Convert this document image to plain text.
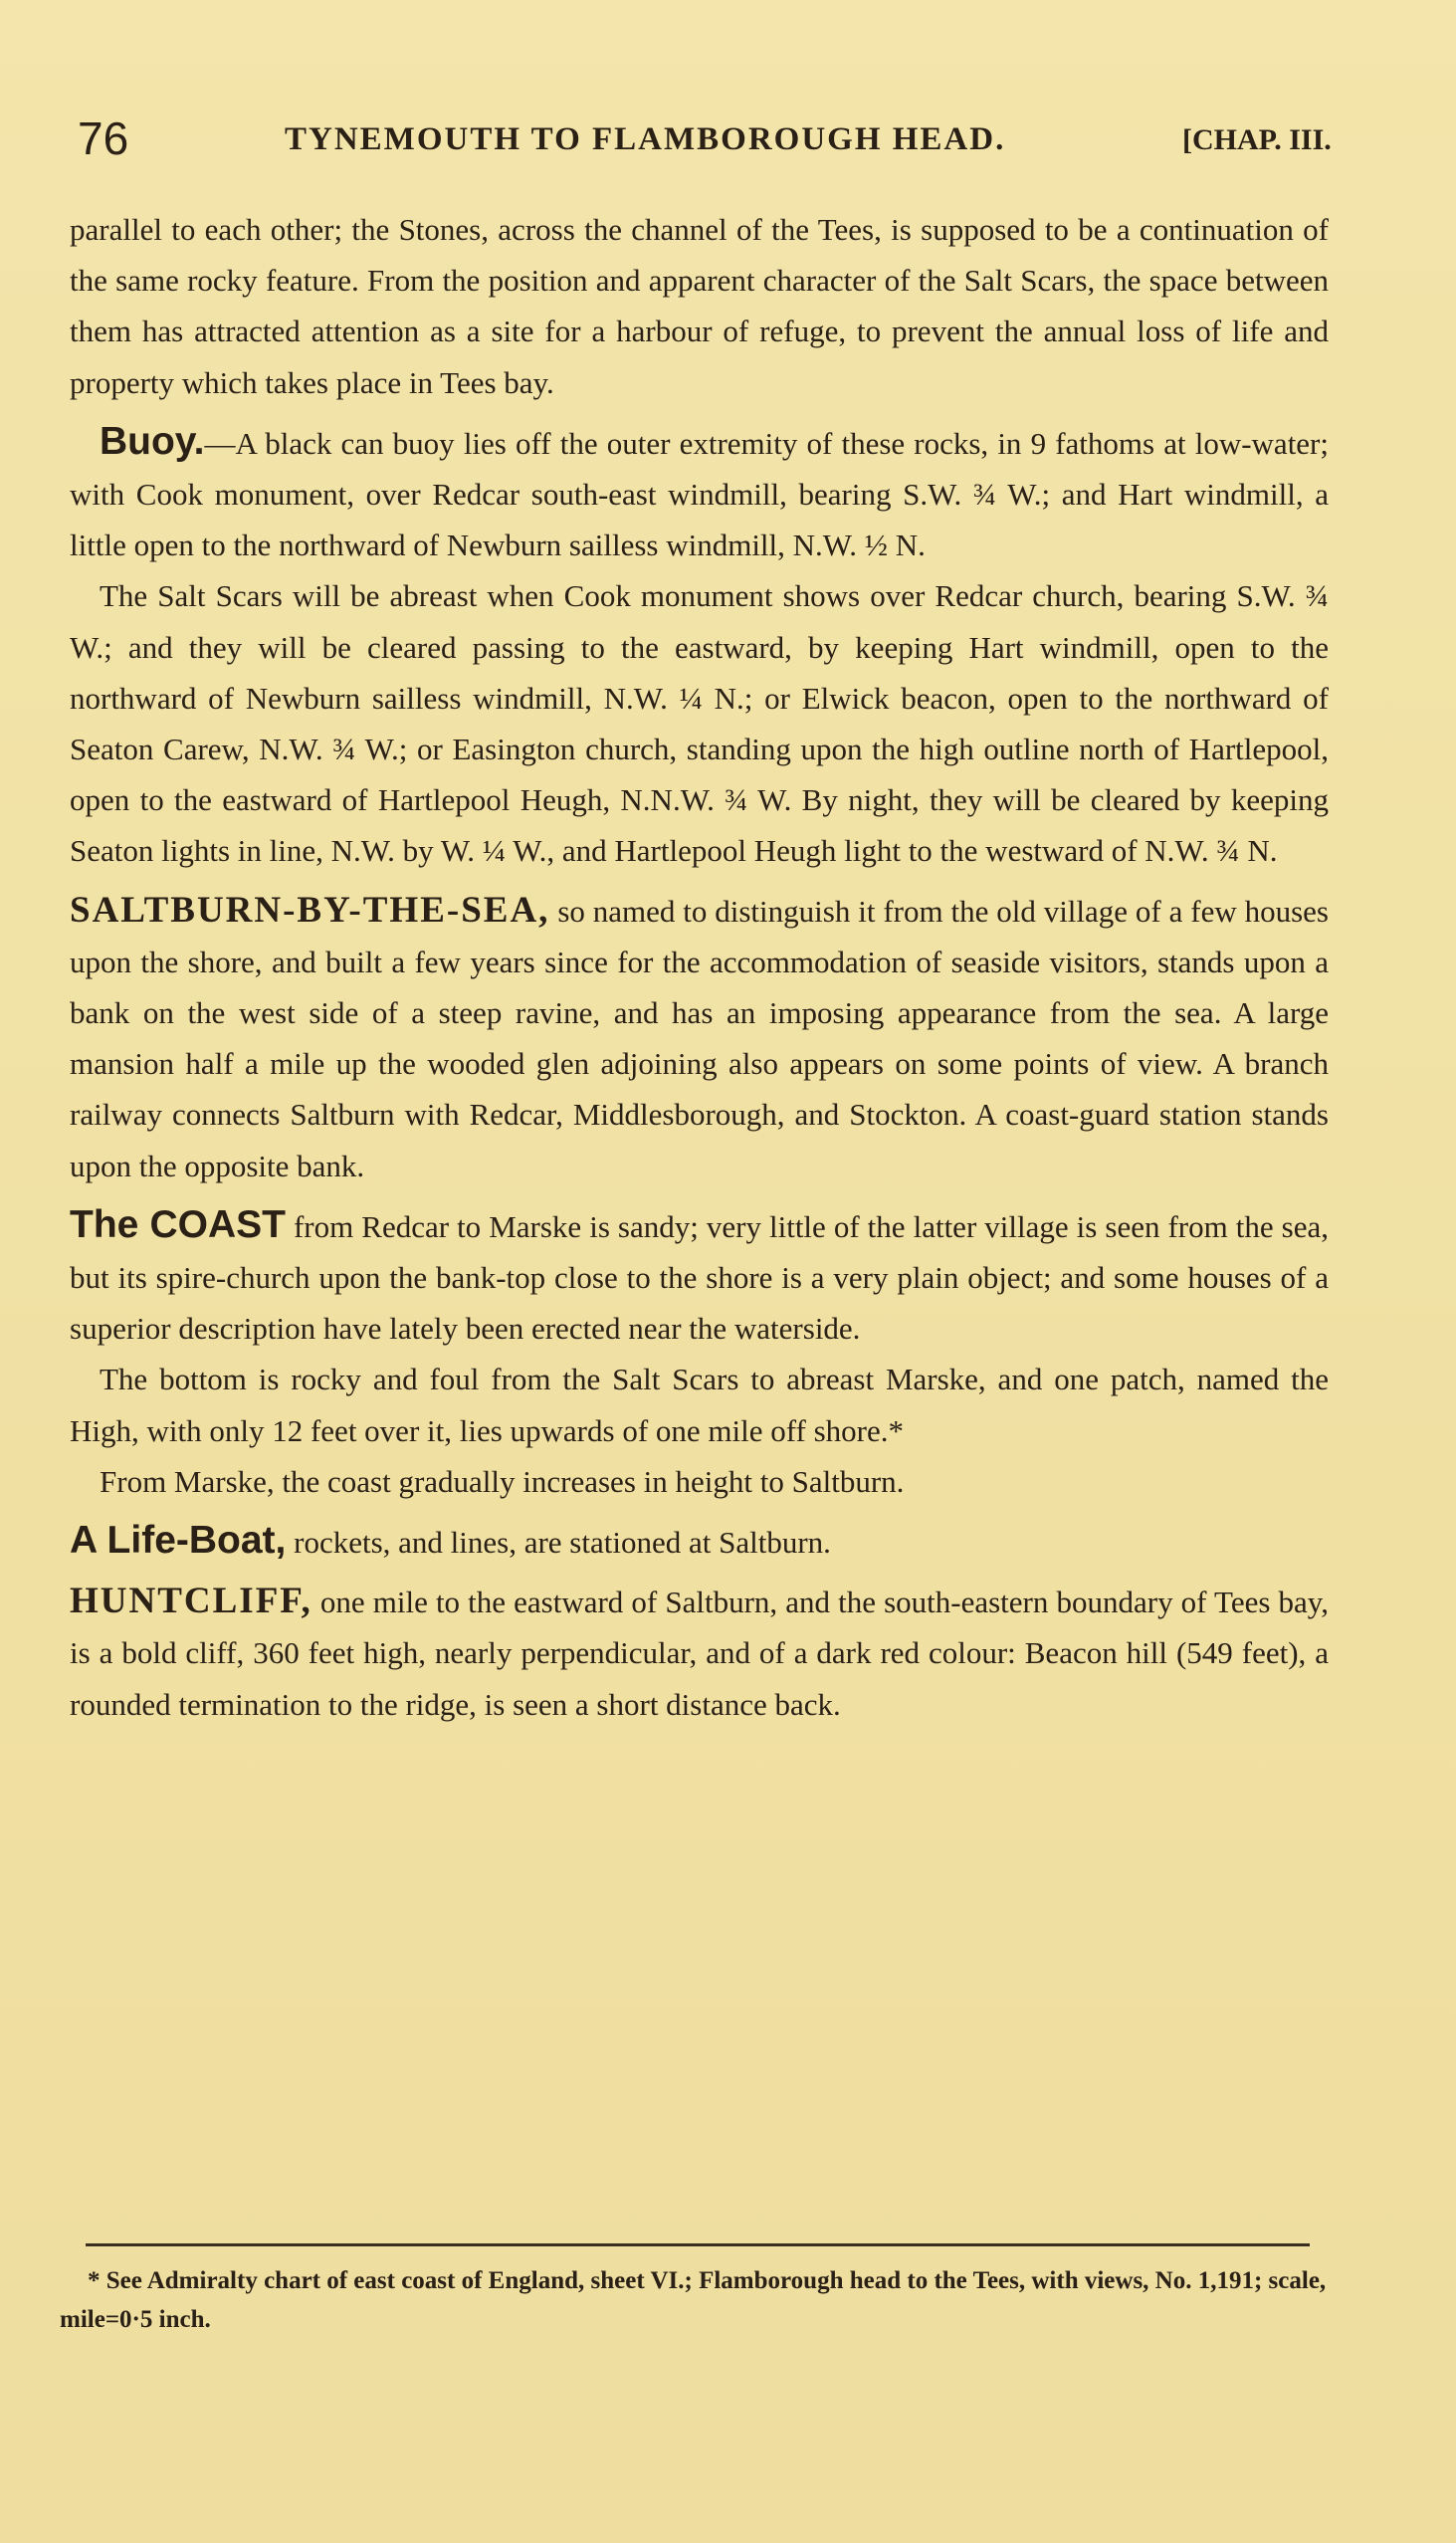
76	TYNEMOUTH TO FLAMBOROUGH HEAD.	[CHAP. III.

parallel to each other; the Stones, across the channel of the Tees, is supposed to be a continuation of the same rocky feature. From the position and apparent character of the Salt Scars, the space between them has attracted attention as a site for a harbour of refuge, to prevent the annual loss of life and property which takes place in Tees bay.

Buoy.—A black can buoy lies off the outer extremity of these rocks, in 9 fathoms at low-water; with Cook monument, over Redcar south-east windmill, bearing S.W. ¾ W.; and Hart windmill, a little open to the northward of Newburn sailless windmill, N.W. ½ N.

The Salt Scars will be abreast when Cook monument shows over Redcar church, bearing S.W. ¾ W.; and they will be cleared passing to the eastward, by keeping Hart windmill, open to the northward of Newburn sailless windmill, N.W. ¼ N.; or Elwick beacon, open to the northward of Seaton Carew, N.W. ¾ W.; or Easington church, standing upon the high outline north of Hartlepool, open to the eastward of Hartlepool Heugh, N.N.W. ¾ W. By night, they will be cleared by keeping Seaton lights in line, N.W. by W. ¼ W., and Hartlepool Heugh light to the westward of N.W. ¾ N.

SALTBURN-BY-THE-SEA, so named to distinguish it from the old village of a few houses upon the shore, and built a few years since for the accommodation of seaside visitors, stands upon a bank on the west side of a steep ravine, and has an imposing appearance from the sea. A large mansion half a mile up the wooded glen adjoining also appears on some points of view. A branch railway connects Saltburn with Redcar, Middlesborough, and Stockton. A coast-guard station stands upon the opposite bank.

The COAST from Redcar to Marske is sandy; very little of the latter village is seen from the sea, but its spire-church upon the bank-top close to the shore is a very plain object; and some houses of a superior description have lately been erected near the waterside.

The bottom is rocky and foul from the Salt Scars to abreast Marske, and one patch, named the High, with only 12 feet over it, lies upwards of one mile off shore.*

From Marske, the coast gradually increases in height to Saltburn.

A Life-Boat, rockets, and lines, are stationed at Saltburn.

HUNTCLIFF, one mile to the eastward of Saltburn, and the south-eastern boundary of Tees bay, is a bold cliff, 360 feet high, nearly perpendicular, and of a dark red colour: Beacon hill (549 feet), a rounded termination to the ridge, is seen a short distance back.

* See Admiralty chart of east coast of England, sheet VI.; Flamborough head to the Tees, with views, No. 1,191; scale, mile=0·5 inch.
